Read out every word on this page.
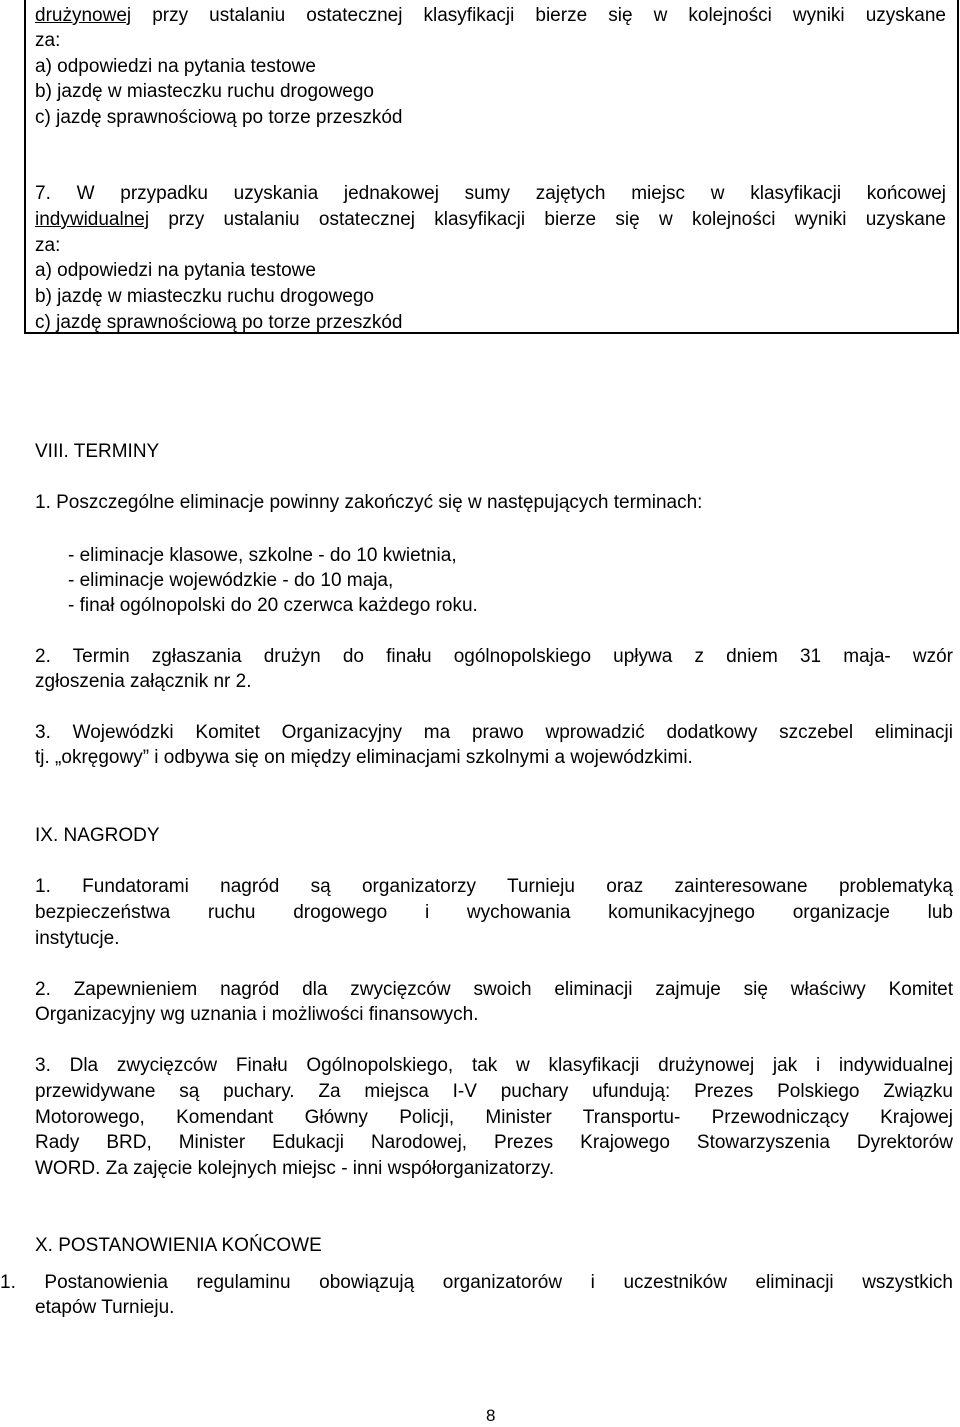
drużynowej przy ustalaniu ostatecznej klasyfikacji bierze się w kolejności wyniki uzyskane
za:
a) odpowiedzi na pytania testowe
b) jazdę w miasteczku ruchu drogowego
c) jazdę sprawnościową po torze przeszkód
7. W przypadku uzyskania jednakowej sumy zajętych miejsc w klasyfikacji końcowej
indywidualnej przy ustalaniu ostatecznej klasyfikacji bierze się w kolejności wyniki uzyskane
za:
a) odpowiedzi na pytania testowe
b) jazdę w miasteczku ruchu drogowego
c) jazdę sprawnościową po torze przeszkód
VIII. TERMINY
1. Poszczególne eliminacje powinny zakończyć się w następujących terminach:
- eliminacje klasowe, szkolne - do 10 kwietnia,
- eliminacje wojewódzkie - do 10 maja,
- finał ogólnopolski do 20 czerwca każdego roku.
2. Termin zgłaszania drużyn do finału ogólnopolskiego upływa z dniem 31 maja- wzór
zgłoszenia załącznik nr 2.
3. Wojewódzki Komitet Organizacyjny ma prawo wprowadzić dodatkowy szczebel eliminacji
tj. „okręgowy” i odbywa się on między eliminacjami szkolnymi a wojewódzkimi.
IX. NAGRODY
1. Fundatorami nagród są organizatorzy Turnieju oraz zainteresowane problematyką
bezpieczeństwa ruchu drogowego i wychowania komunikacyjnego organizacje lub
instytucje.
2. Zapewnieniem nagród dla zwycięzców swoich eliminacji zajmuje się właściwy Komitet
Organizacyjny wg uznania i możliwości finansowych.
3. Dla zwycięzców Finału Ogólnopolskiego, tak w klasyfikacji drużynowej jak i indywidualnej
przewidywane są puchary. Za miejsca I-V puchary ufundują: Prezes Polskiego Związku
Motorowego, Komendant Główny Policji, Minister Transportu- Przewodniczący Krajowej
Rady BRD, Minister Edukacji Narodowej, Prezes Krajowego Stowarzyszenia Dyrektorów
WORD. Za zajęcie kolejnych miejsc - inni współorganizatorzy.
X. POSTANOWIENIA KOŃCOWE
1. Postanowienia regulaminu obowiązują organizatorów i uczestników eliminacji wszystkich
etapów Turnieju.
8
